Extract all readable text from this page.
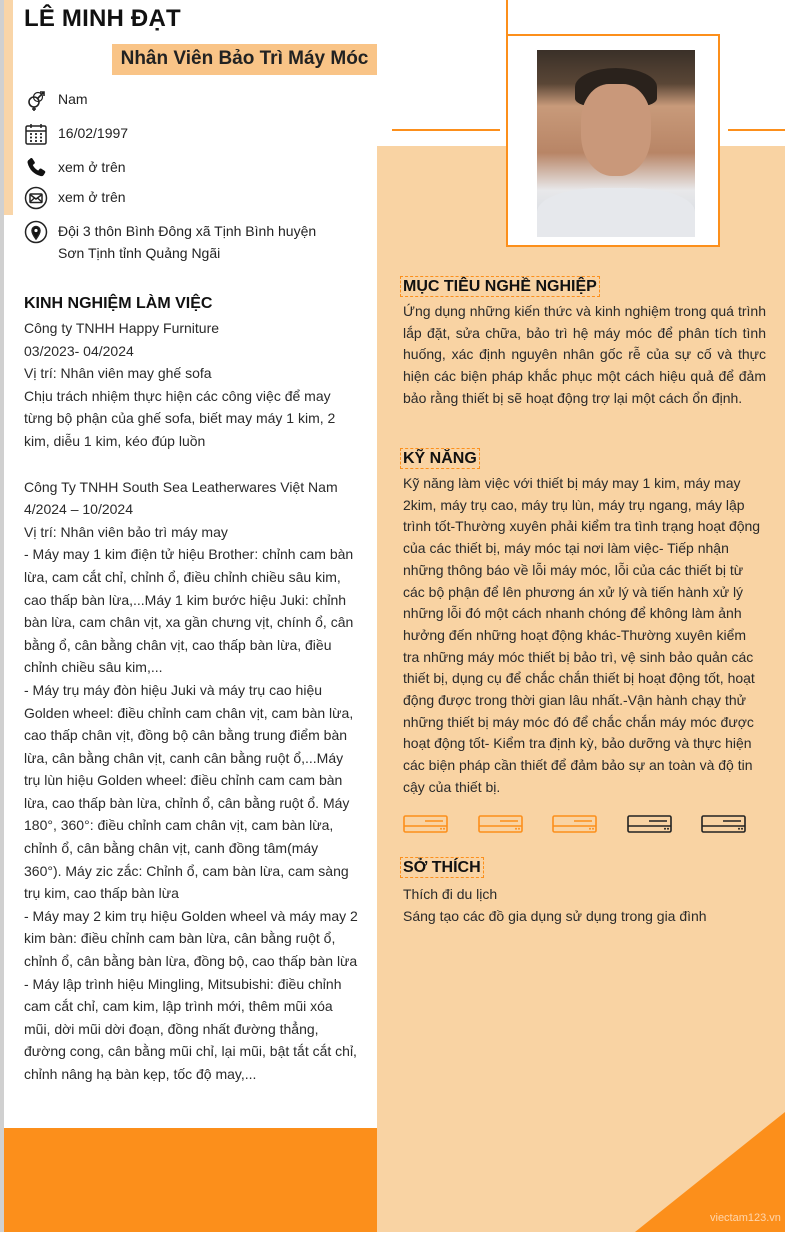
LÊ MINH ĐẠT
Nhân Viên Bảo Trì Máy Móc
Nam
16/02/1997
xem ở trên
xem ở trên
Đội 3 thôn Bình Đông xã Tịnh Bình huyện
Sơn Tịnh tỉnh Quảng Ngãi
KINH NGHIỆM LÀM VIỆC

Công ty TNHH Happy Furniture

03/2023- 04/2024

Vị trí: Nhân viên may ghế sofa

Chịu trách nhiệm thực hiện các công việc để may từng bộ phận của ghế sofa, biết may máy 1 kim, 2 kim, diễu 1 kim, kéo đúp luồn

Công Ty TNHH South Sea Leatherwares Việt Nam

4/2024 – 10/2024

Vị trí: Nhân viên bảo trì máy may

- Máy may 1 kim điện tử hiệu Brother: chỉnh cam bàn lừa, cam cắt chỉ, chỉnh ổ, điều chỉnh chiều sâu kim, cao thấp bàn lừa,...Máy 1 kim bước hiệu Juki: chỉnh bàn lừa, cam chân vịt, xa gần chưng vịt, chính ổ, cân bằng ổ, cân bằng chân vịt, cao thấp bàn lừa, điều chỉnh chiều sâu kim,...

- Máy trụ máy đòn hiệu Juki và máy trụ cao hiệu Golden wheel: điều chỉnh cam chân vịt, cam bàn lừa, cao thấp chân vịt, đồng bộ cân bằng trung điểm bàn lừa, cân bằng chân vịt, canh cân bằng ruột ổ,...Máy trụ lùn hiệu Golden wheel: điều chỉnh cam cam bàn lừa, cao thấp bàn lừa, chỉnh ổ, cân bằng ruột ổ. Máy 180°, 360°: điều chỉnh cam chân vịt, cam bàn lừa, chỉnh ổ, cân bằng chân vịt, canh đồng tâm(máy 360°). Máy zic zắc: Chỉnh ổ, cam bàn lừa, cam sàng trụ kim, cao thấp bàn lừa

- Máy may 2 kim trụ hiệu Golden wheel và máy may 2 kim bàn: điều chỉnh cam bàn lừa, cân bằng ruột ổ, chỉnh ổ, cân bằng bàn lừa, đồng bộ, cao thấp bàn lừa

- Máy lập trình hiệu Mingling, Mitsubishi: điều chỉnh cam cắt chỉ, cam kim, lập trình mới, thêm mũi xóa mũi, dời mũi dời đoạn, đồng nhất đường thẳng, đường cong, cân bằng mũi chỉ, lại mũi, bật tắt cắt chỉ, chỉnh nâng hạ bàn kẹp, tốc độ may,...

MỤC TIÊU NGHỀ NGHIỆP
Ứng dụng những kiến thức và kinh nghiệm trong quá trình lắp đặt, sửa chữa, bảo trì hệ máy móc để phân tích tình huống, xác định nguyên nhân gốc rễ của sự cố và thực hiện các biện pháp khắc phục một cách hiệu quả để đảm bảo rằng thiết bị sẽ hoạt động trợ lại một cách ổn định.
KỸ NĂNG
Kỹ năng làm việc với thiết bị máy may 1 kim, máy may 2kim, máy trụ cao, máy trụ lùn, máy trụ ngang, máy lập trình tốt-Thường xuyên phải kiểm tra tình trạng hoạt động của các thiết bị, máy móc tại nơi làm việc- Tiếp nhận những thông báo về lỗi máy móc, lỗi của các thiết bị từ các bộ phận để lên phương án xử lý và tiến hành xử lý những lỗi đó một cách nhanh chóng để không làm ảnh hưởng đến những hoạt động khác-Thường xuyên kiểm tra những máy móc thiết bị bảo trì, vệ sinh bảo quản các thiết bị, dụng cụ để chắc chắn thiết bị hoạt động tốt, hoạt động được trong thời gian lâu nhất.-Vận hành chạy thử những thiết bị máy móc đó để chắc chắn máy móc được hoạt động tốt- Kiểm tra định kỳ, bảo dưỡng và thực hiện các biện pháp cần thiết để đảm bảo sự an toàn và độ tin cậy của thiết bị.
SỞ THÍCH
Thích đi du lịch
Sáng tạo các đồ gia dụng sử dụng trong gia đình
viectam123.vn
